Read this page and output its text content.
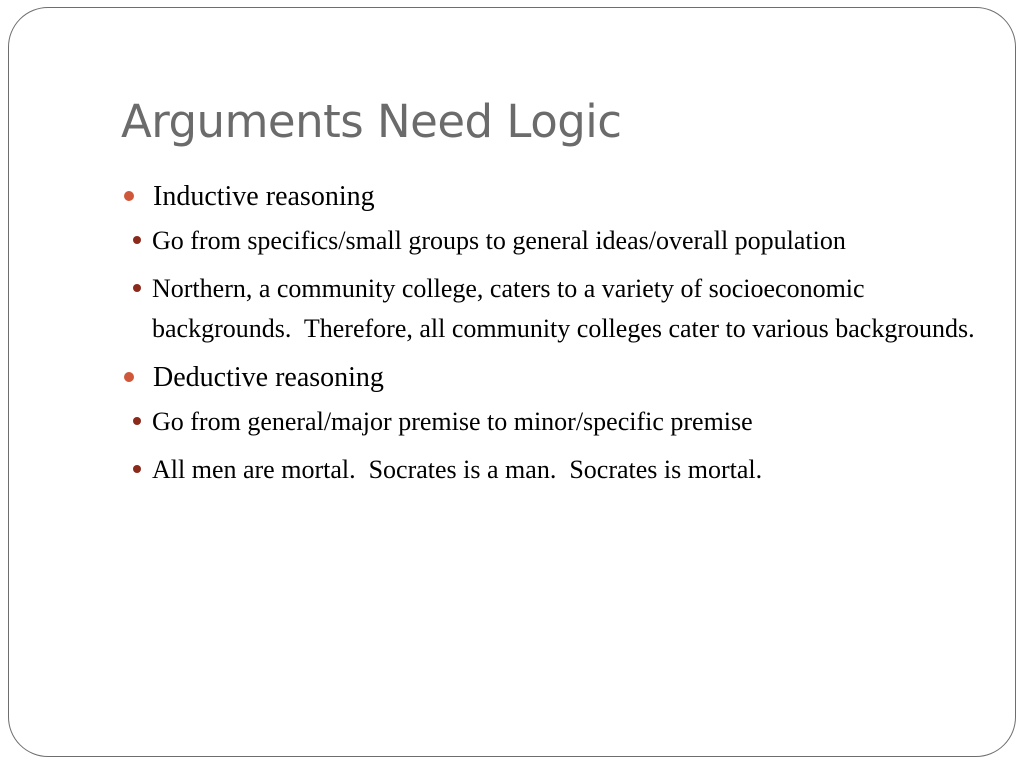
Arguments Need Logic
Inductive reasoning
Go from specifics/small groups to general ideas/overall population
Northern, a community college, caters to a variety of socioeconomic backgrounds.  Therefore, all community colleges cater to various backgrounds.
Deductive reasoning
Go from general/major premise to minor/specific premise
All men are mortal.  Socrates is a man.  Socrates is mortal.
